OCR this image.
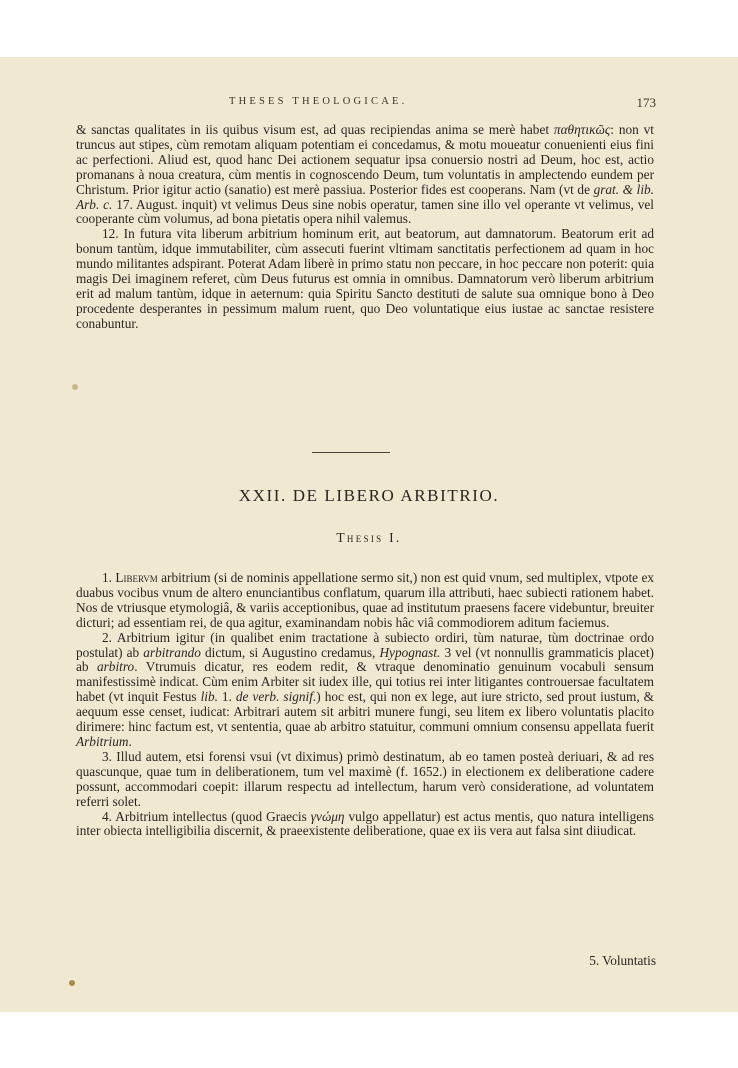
THESES THEOLOGICAE.	173

& sanctas qualitates in iis quibus visum est, ad quas recipiendas anima se merè habet παθητικῶς: non vt truncus aut stipes, cùm remotam aliquam potentiam ei concedamus, & motu moueatur conuenienti eius fini ac perfectioni. Aliud est, quod hanc Dei actionem sequatur ipsa conuersio nostri ad Deum, hoc est, actio promanans à noua creatura, cùm mentis in cognoscendo Deum, tum voluntatis in amplectendo eundem per Christum. Prior igitur actio (sanatio) est merè passiua. Posterior fides est cooperans. Nam (vt de grat. & lib. Arb. c. 17. August. inquit) vt velimus Deus sine nobis operatur, tamen sine illo vel operante vt velimus, vel cooperante cùm volumus, ad bona pietatis opera nihil valemus.

12. In futura vita liberum arbitrium hominum erit, aut beatorum, aut damnatorum. Beatorum erit ad bonum tantùm, idque immutabiliter, cùm assecuti fuerint vltimam sanctitatis perfectionem ad quam in hoc mundo militantes adspirant. Poterat Adam liberè in primo statu non peccare, in hoc peccare non poterit: quia magis Dei imaginem referet, cùm Deus futurus est omnia in omnibus. Damnatorum verò liberum arbitrium erit ad malum tantùm, idque in aeternum: quia Spiritu Sancto destituti de salute sua omnique bono à Deo procedente desperantes in pessimum malum ruent, quo Deo voluntatique eius iustae ac sanctae resistere conabuntur.

XXII. DE LIBERO ARBITRIO.
Thesis I.

1. Libervm arbitrium (si de nominis appellatione sermo sit,) non est quid vnum, sed multiplex, vtpote ex duabus vocibus vnum de altero enunciantibus conflatum, quarum illa attributi, haec subiecti rationem habet. Nos de vtriusque etymologiâ, & variis acceptionibus, quae ad institutum praesens facere videbuntur, breuiter dicturi; ad essentiam rei, de qua agitur, examinandam nobis hâc viâ commodiorem aditum faciemus.

2. Arbitrium igitur (in qualibet enim tractatione à subiecto ordiri, tùm naturae, tùm doctrinae ordo postulat) ab arbitrando dictum, si Augustino credamus, Hypognast. 3 vel (vt nonnullis grammaticis placet) ab arbitro. Vtrumuis dicatur, res eodem redit, & vtraque denominatio genuinum vocabuli sensum manifestissimè indicat. Cùm enim Arbiter sit iudex ille, qui totius rei inter litigantes controuersae facultatem habet (vt inquit Festus lib. 1. de verb. signif.) hoc est, qui non ex lege, aut iure stricto, sed prout iustum, & aequum esse censet, iudicat: Arbitrari autem sit arbitri munere fungi, seu litem ex libero voluntatis placito dirimere: hinc factum est, vt sententia, quae ab arbitro statuitur, communi omnium consensu appellata fuerit Arbitrium.

3. Illud autem, etsi forensi vsui (vt diximus) primò destinatum, ab eo tamen posteà deriuari, & ad res quascunque, quae tum in deliberationem, tum vel maximè (f. 1652.) in electionem ex deliberatione cadere possunt, accommodari coepit: illarum respectu ad intellectum, harum verò consideratione, ad voluntatem referri solet.

4. Arbitrium intellectus (quod Graecis γνώμη vulgo appellatur) est actus mentis, quo natura intelligens inter obiecta intelligibilia discernit, & praeexistente deliberatione, quae ex iis vera aut falsa sint diiudicat.

5. Voluntatis
